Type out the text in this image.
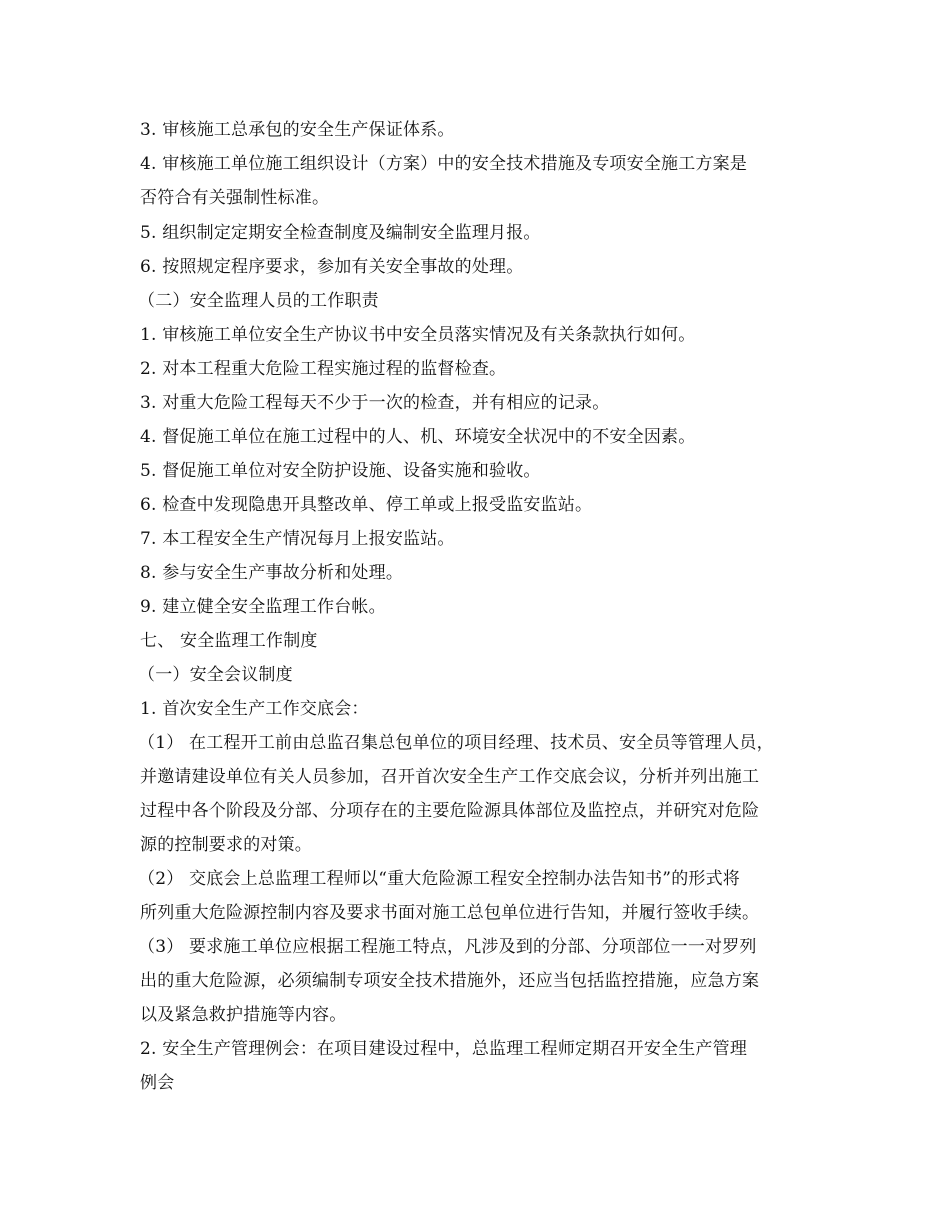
3. 审核施工总承包的安全生产保证体系。
4. 审核施工单位施工组织设计（方案）中的安全技术措施及专项安全施工方案是
否符合有关强制性标准。
5. 组织制定定期安全检查制度及编制安全监理月报。
6. 按照规定程序要求，参加有关安全事故的处理。
（二）安全监理人员的工作职责
1. 审核施工单位安全生产协议书中安全员落实情况及有关条款执行如何。
2. 对本工程重大危险工程实施过程的监督检查。
3. 对重大危险工程每天不少于一次的检查，并有相应的记录。
4. 督促施工单位在施工过程中的人、机、环境安全状况中的不安全因素。
5. 督促施工单位对安全防护设施、设备实施和验收。
6. 检查中发现隐患开具整改单、停工单或上报受监安监站。
7. 本工程安全生产情况每月上报安监站。
8. 参与安全生产事故分析和处理。
9. 建立健全安全监理工作台帐。
七、 安全监理工作制度
（一）安全会议制度
1. 首次安全生产工作交底会：
（1） 在工程开工前由总监召集总包单位的项目经理、技术员、安全员等管理人员，
并邀请建设单位有关人员参加，召开首次安全生产工作交底会议，分析并列出施工
过程中各个阶段及分部、分项存在的主要危险源具体部位及监控点，并研究对危险
源的控制要求的对策。
（2） 交底会上总监理工程师以“重大危险源工程安全控制办法告知书”的形式将
所列重大危险源控制内容及要求书面对施工总包单位进行告知，并履行签收手续。
（3） 要求施工单位应根据工程施工特点，凡涉及到的分部、分项部位一一对罗列
出的重大危险源，必须编制专项安全技术措施外，还应当包括监控措施，应急方案
以及紧急救护措施等内容。
2. 安全生产管理例会：在项目建设过程中，总监理工程师定期召开安全生产管理
例会
